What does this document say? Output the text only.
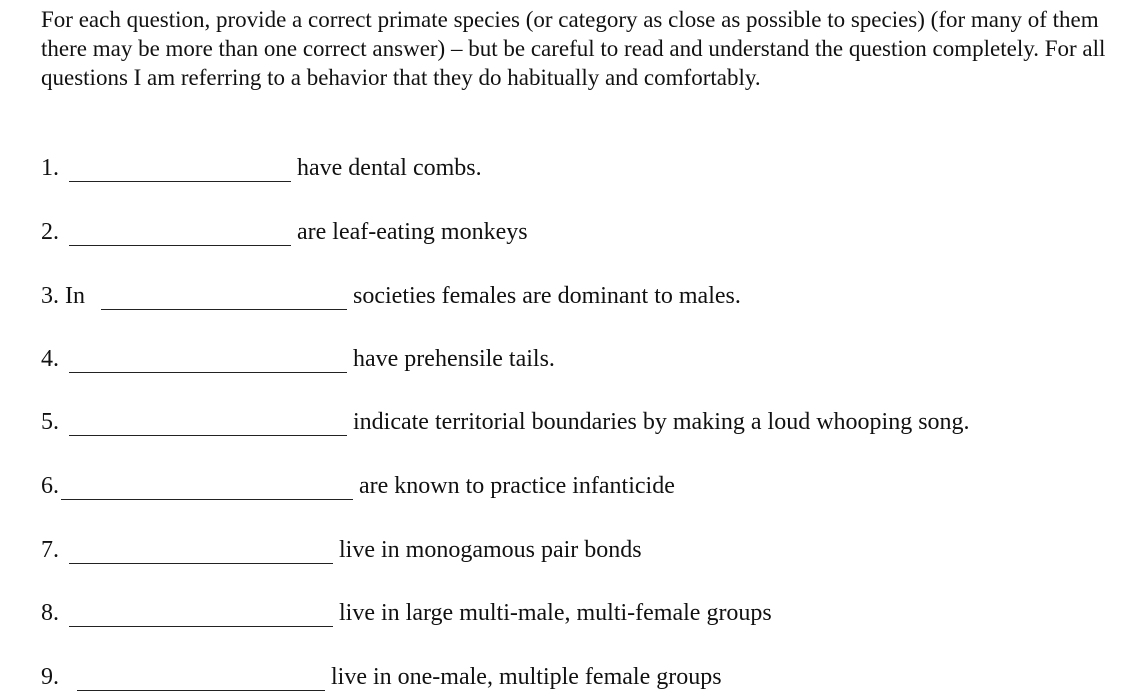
For each question, provide a correct primate species (or category as close as possible to species) (for many of them there may be more than one correct answer) – but be careful to read and understand the question completely. For all questions I am referring to a behavior that they do habitually and comfortably.

1.	have dental combs.
2.	are leaf-eating monkeys
3. In	societies females are dominant to males.
4.	have prehensile tails.
5.	indicate territorial boundaries by making a loud whooping song.
6.	are known to practice infanticide
7.	live in monogamous pair bonds
8.	live in large multi-male, multi-female groups
9.	live in one-male, multiple female groups
